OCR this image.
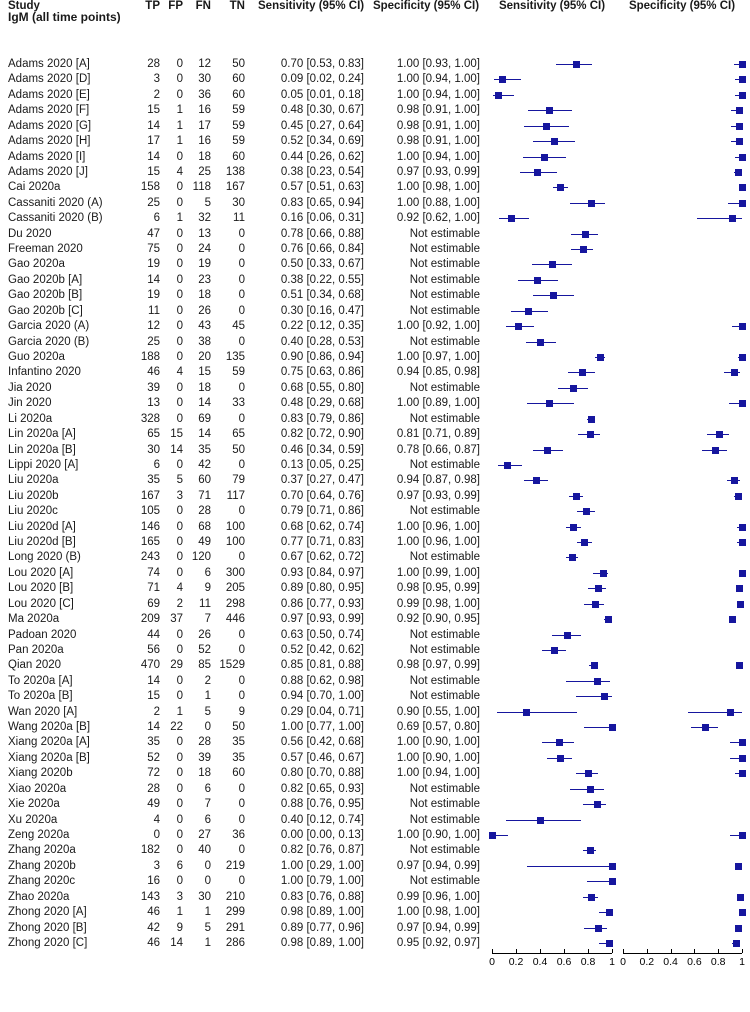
IgM (all time points)
Study	TP FP	FN	TN Sensitivity (95% CI) Specificity (95% CI)	Sensitivity (95% CI)	Specificity (95% CI)
Adams 2020 [A]	28	0	12	50	0.70 [0.53, 0.83]	1.00 [0.93, 1.00]
Adams 2020 [D]	3	0	30	60	0.09 [0.02, 0.24]	1.00 [0.94, 1.00]
Adams 2020 [E]	2	0	36	60	0.05 [0.01, 0.18]	1.00 [0.94, 1.00]
Adams 2020 [F]	15	1	16	59	0.48 [0.30, 0.67]	0.98 [0.91, 1.00]
Adams 2020 [G]	14	1	17	59	0.45 [0.27, 0.64]	0.98 [0.91, 1.00]
Adams 2020 [H]	17	1	16	59	0.52 [0.34, 0.69]	0.98 [0.91, 1.00]
Adams 2020 [I]	14	0	18	60	0.44 [0.26, 0.62]	1.00 [0.94, 1.00]
Adams 2020 [J]	15	4	25	138	0.38 [0.23, 0.54]	0.97 [0.93, 0.99]
Cai 2020a	158	0 118	167	0.57 [0.51, 0.63]	1.00 [0.98, 1.00]
Cassaniti 2020 (A)	25	0	5	30	0.83 [0.65, 0.94]	1.00 [0.88, 1.00]
Cassaniti 2020 (B)	6	1	32	11	0.16 [0.06, 0.31]	0.92 [0.62, 1.00]
Du 2020	47	0	13	0	0.78 [0.66, 0.88]	Not estimable
Freeman 2020	75	0	24	0	0.76 [0.66, 0.84]	Not estimable
Gao 2020a	19	0	19	0	0.50 [0.33, 0.67]	Not estimable
Gao 2020b [A]	14	0	23	0	0.38 [0.22, 0.55]	Not estimable
Gao 2020b [B]	19	0	18	0	0.51 [0.34, 0.68]	Not estimable
Gao 2020b [C]	11	0	26	0	0.30 [0.16, 0.47]	Not estimable
Garcia 2020 (A)	12	0	43	45	0.22 [0.12, 0.35]	1.00 [0.92, 1.00]
Garcia 2020 (B)	25	0	38	0	0.40 [0.28, 0.53]	Not estimable
Guo 2020a	188	0	20	135	0.90 [0.86, 0.94]	1.00 [0.97, 1.00]
Infantino 2020	46	4	15	59	0.75 [0.63, 0.86]	0.94 [0.85, 0.98]
Jia 2020	39	0	18	0	0.68 [0.55, 0.80]	Not estimable
Jin 2020	13	0	14	33	0.48 [0.29, 0.68]	1.00 [0.89, 1.00]
Li 2020a	328	0	69	0	0.83 [0.79, 0.86]	Not estimable
Lin 2020a [A]	65 15	14	65	0.82 [0.72, 0.90]	0.81 [0.71, 0.89]
Lin 2020a [B]	30 14	35	50	0.46 [0.34, 0.59]	0.78 [0.66, 0.87]
Lippi 2020 [A]	6	0	42	0	0.13 [0.05, 0.25]	Not estimable
Liu 2020a	35	5	60	79	0.37 [0.27, 0.47]	0.94 [0.87, 0.98]
Liu 2020b	167	3	71	117	0.70 [0.64, 0.76]	0.97 [0.93, 0.99]
Liu 2020c	105	0	28	0	0.79 [0.71, 0.86]	Not estimable
Liu 2020d [A]	146	0	68	100	0.68 [0.62, 0.74]	1.00 [0.96, 1.00]
Liu 2020d [B]	165	0	49	100	0.77 [0.71, 0.83]	1.00 [0.96, 1.00]
Long 2020 (B)	243	0 120	0	0.67 [0.62, 0.72]	Not estimable
Lou 2020 [A]	74	0	6	300	0.93 [0.84, 0.97]	1.00 [0.99, 1.00]
Lou 2020 [B]	71	4	9	205	0.89 [0.80, 0.95]	0.98 [0.95, 0.99]
Lou 2020 [C]	69	2	11	298	0.86 [0.77, 0.93]	0.99 [0.98, 1.00]
Ma 2020a	209 37	7	446	0.97 [0.93, 0.99]	0.92 [0.90, 0.95]
Padoan 2020	44	0	26	0	0.63 [0.50, 0.74]	Not estimable
Pan 2020a	56	0	52	0	0.52 [0.42, 0.62]	Not estimable
Qian 2020	470 29	85 1529	0.85 [0.81, 0.88]	0.98 [0.97, 0.99]
To 2020a [A]	14	0	2	0	0.88 [0.62, 0.98]	Not estimable
To 2020a [B]	15	0	1	0	0.94 [0.70, 1.00]	Not estimable
Wan 2020 [A]	2	1	5	9	0.29 [0.04, 0.71]	0.90 [0.55, 1.00]
Wang 2020a [B]	14 22	0	50	1.00 [0.77, 1.00]	0.69 [0.57, 0.80]
Xiang 2020a [A]	35	0	28	35	0.56 [0.42, 0.68]	1.00 [0.90, 1.00]
Xiang 2020a [B]	52	0	39	35	0.57 [0.46, 0.67]	1.00 [0.90, 1.00]
Xiang 2020b	72	0	18	60	0.80 [0.70, 0.88]	1.00 [0.94, 1.00]
Xiao 2020a	28	0	6	0	0.82 [0.65, 0.93]	Not estimable
Xie 2020a	49	0	7	0	0.88 [0.76, 0.95]	Not estimable
Xu 2020a	4	0	6	0	0.40 [0.12, 0.74]	Not estimable
Zeng 2020a	0	0	27	36	0.00 [0.00, 0.13]	1.00 [0.90, 1.00]
Zhang 2020a	182	0	40	0	0.82 [0.76, 0.87]	Not estimable
Zhang 2020b	3	6	0	219	1.00 [0.29, 1.00]	0.97 [0.94, 0.99]
Zhang 2020c	16	0	0	0	1.00 [0.79, 1.00]	Not estimable
Zhao 2020a	143	3	30	210	0.83 [0.76, 0.88]	0.99 [0.96, 1.00]
Zhong 2020 [A]	46	1	1	299	0.98 [0.89, 1.00]	1.00 [0.98, 1.00]
Zhong 2020 [B]	42	9	5	291	0.89 [0.77, 0.96]	0.97 [0.94, 0.99]
Zhong 2020 [C]	46 14	1	286	0.98 [0.89, 1.00]	0.95 [0.92, 0.97]
0	0.2 0.4 0.6 0.8	1 0	0.2 0.4 0.6 0.8	1
